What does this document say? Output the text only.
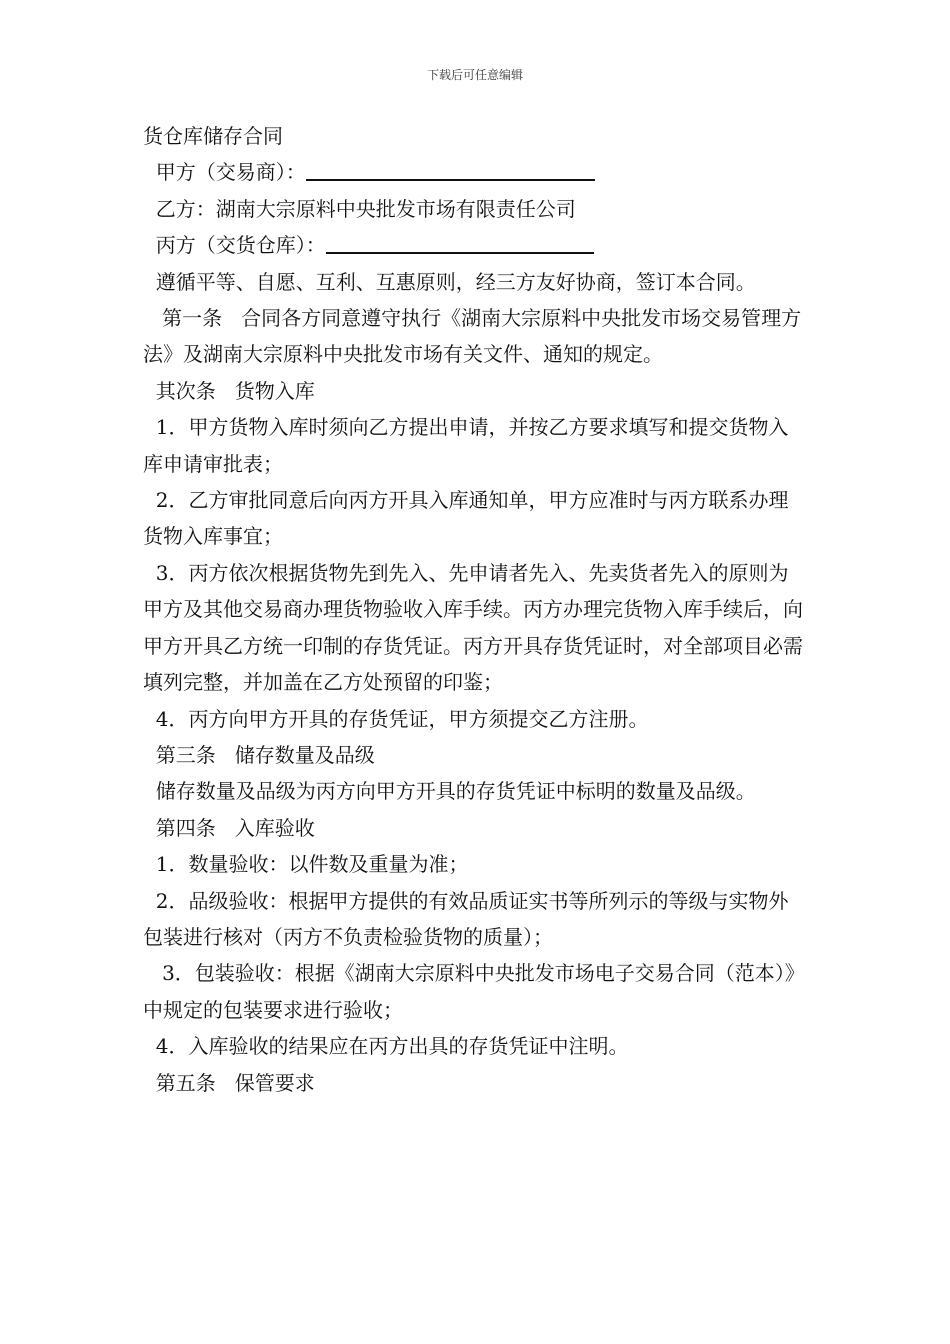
下载后可任意编辑

货仓库储存合同

甲方（交易商）：

乙方：湖南大宗原料中央批发市场有限责任公司

丙方（交货仓库）：

遵循平等、自愿、互利、互惠原则，经三方友好协商，签订本合同。

第一条   合同各方同意遵守执行《湖南大宗原料中央批发市场交易管理方法》及湖南大宗原料中央批发市场有关文件、通知的规定。

其次条   货物入库

1．甲方货物入库时须向乙方提出申请，并按乙方要求填写和提交货物入库申请审批表；

2．乙方审批同意后向丙方开具入库通知单，甲方应准时与丙方联系办理货物入库事宜；

3．丙方依次根据货物先到先入、先申请者先入、先卖货者先入的原则为甲方及其他交易商办理货物验收入库手续。丙方办理完货物入库手续后，向甲方开具乙方统一印制的存货凭证。丙方开具存货凭证时，对全部项目必需填列完整，并加盖在乙方处预留的印鉴；

4．丙方向甲方开具的存货凭证，甲方须提交乙方注册。

第三条   储存数量及品级

储存数量及品级为丙方向甲方开具的存货凭证中标明的数量及品级。

第四条   入库验收

1．数量验收：以件数及重量为准；

2．品级验收：根据甲方提供的有效品质证实书等所列示的等级与实物外包装进行核对（丙方不负责检验货物的质量）；

3．包装验收：根据《湖南大宗原料中央批发市场电子交易合同（范本）》中规定的包装要求进行验收；

4．入库验收的结果应在丙方出具的存货凭证中注明。

第五条   保管要求
